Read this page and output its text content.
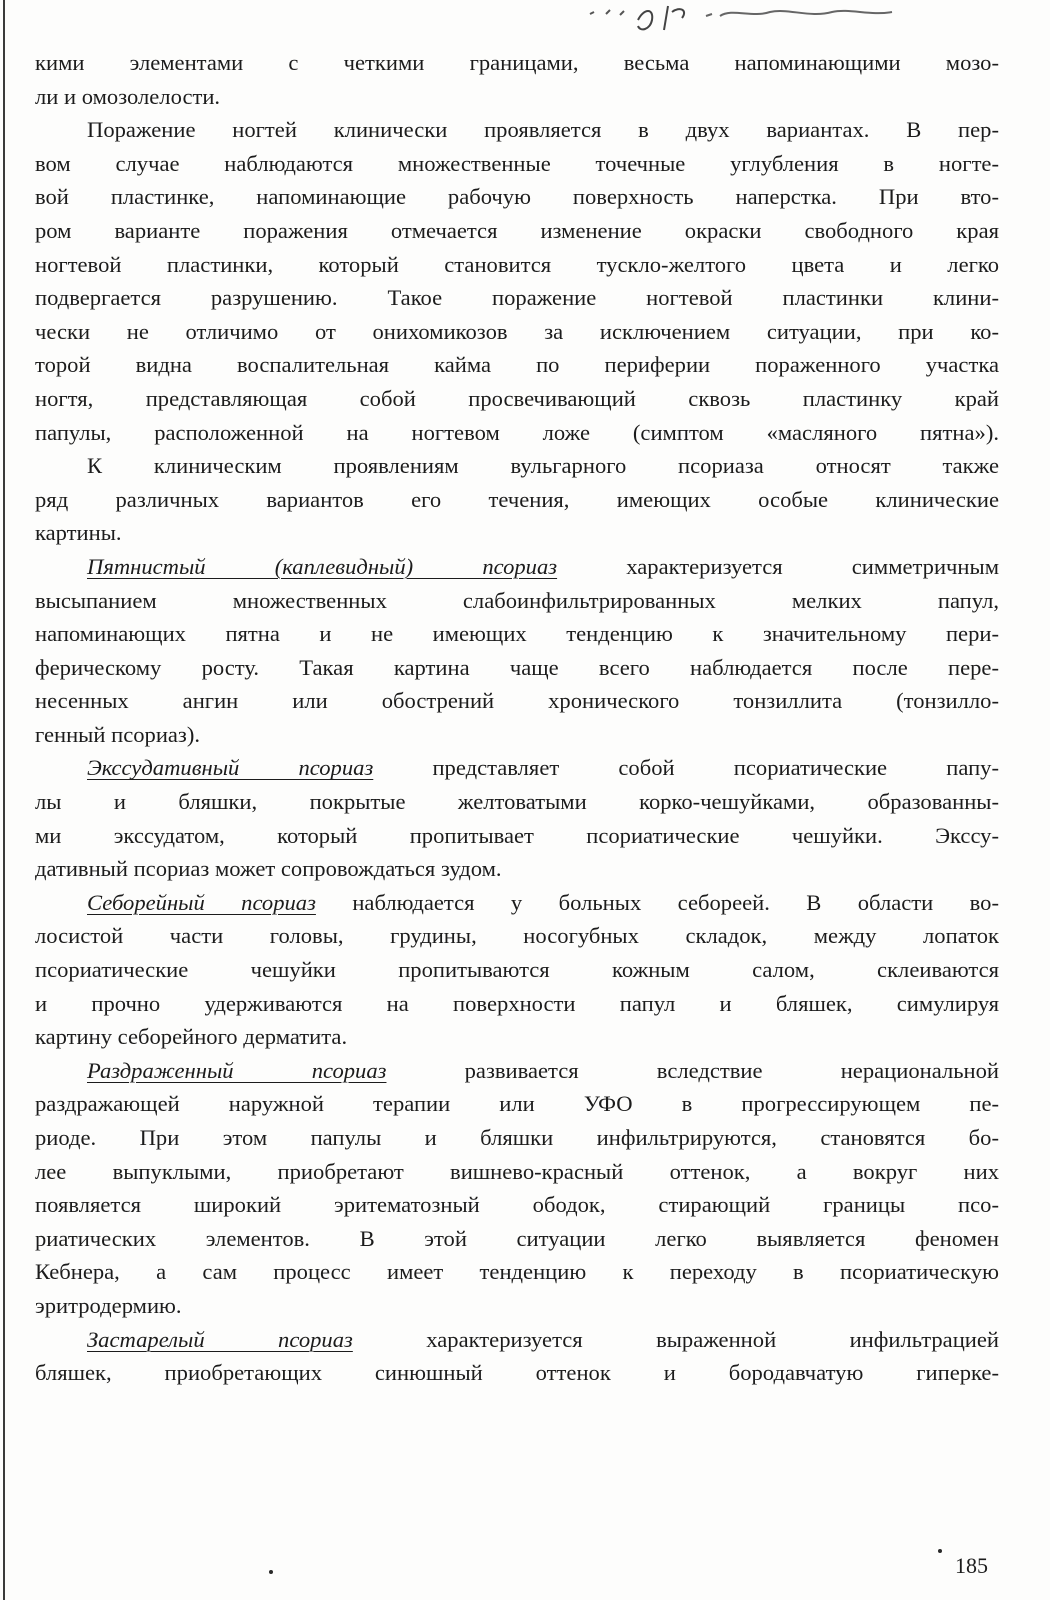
кими элементами с четкими границами, весьма напоминающими мозо-
ли и омозолелости.
Поражение ногтей клинически проявляется в двух вариантах. В пер-
вом случае наблюдаются множественные точечные углубления в ногте-
вой пластинке, напоминающие рабочую поверхность наперстка. При вто-
ром варианте поражения отмечается изменение окраски свободного края
ногтевой пластинки, который становится тускло-желтого цвета и легко
подвергается разрушению. Такое поражение ногтевой пластинки клини-
чески не отличимо от онихомикозов за исключением ситуации, при ко-
торой видна воспалительная кайма по периферии пораженного участка
ногтя, представляющая собой просвечивающий сквозь пластинку край
папулы, расположенной на ногтевом ложе (симптом «масляного пятна»).
К клиническим проявлениям вульгарного псориаза относят также
ряд различных вариантов его течения, имеющих особые клинические
картины.
Пятнистый (каплевидный) псориаз характеризуется симметричным
высыпанием множественных слабоинфильтрированных мелких папул,
напоминающих пятна и не имеющих тенденцию к значительному пери-
ферическому росту. Такая картина чаще всего наблюдается после пере-
несенных ангин или обострений хронического тонзиллита (тонзилло-
генный псориаз).
Экссудативный псориаз представляет собой псориатические папу-
лы и бляшки, покрытые желтоватыми корко-чешуйками, образованны-
ми экссудатом, который пропитывает псориатические чешуйки. Экссу-
дативный псориаз может сопровождаться зудом.
Себорейный псориаз наблюдается у больных себореей. В области во-
лосистой части головы, грудины, носогубных складок, между лопаток
псориатические чешуйки пропитываются кожным салом, склеиваются
и прочно удерживаются на поверхности папул и бляшек, симулируя
картину себорейного дерматита.
Раздраженный псориаз развивается вследствие нерациональной
раздражающей наружной терапии или УФО в прогрессирующем пе-
риоде. При этом папулы и бляшки инфильтрируются, становятся бо-
лее выпуклыми, приобретают вишнево-красный оттенок, а вокруг них
появляется широкий эритематозный ободок, стирающий границы псо-
риатических элементов. В этой ситуации легко выявляется феномен
Кебнера, а сам процесс имеет тенденцию к переходу в псориатическую
эритродермию.
Застарелый псориаз характеризуется выраженной инфильтрацией
бляшек, приобретающих синюшный оттенок и бородавчатую гиперке-
185
